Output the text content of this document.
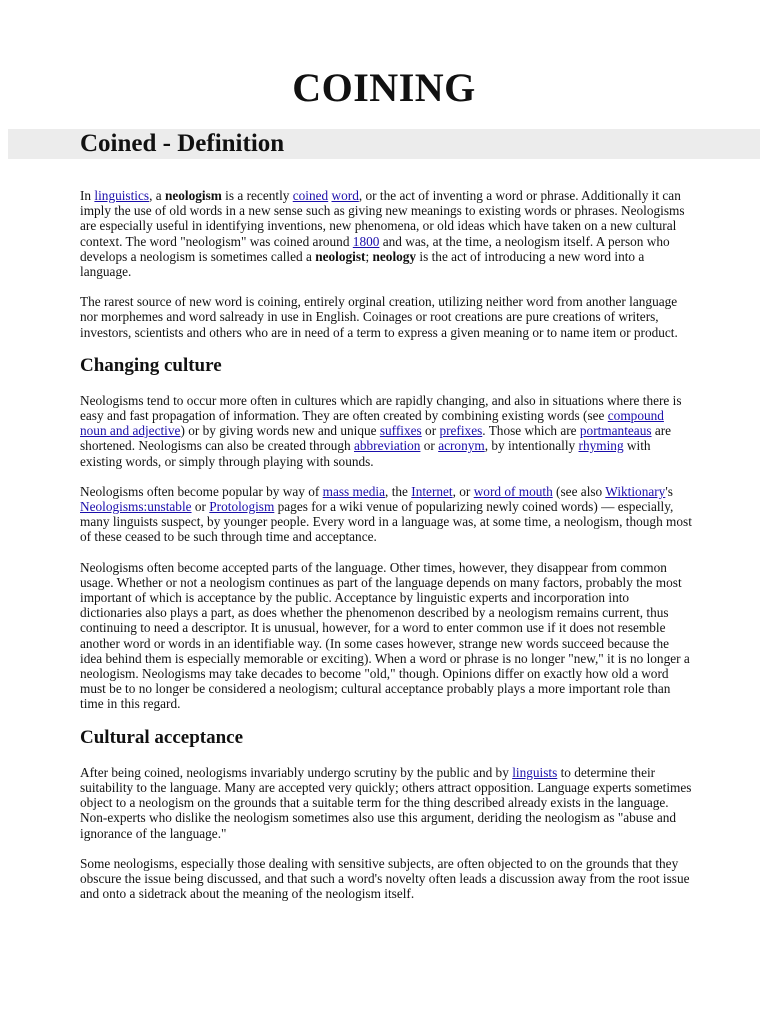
COINING
Coined - Definition

In linguistics, a neologism is a recently coined word, or the act of inventing a word or phrase. Additionally it can imply the use of old words in a new sense such as giving new meanings to existing words or phrases. Neologisms are especially useful in identifying inventions, new phenomena, or old ideas which have taken on a new cultural context. The word "neologism" was coined around 1800 and was, at the time, a neologism itself. A person who develops a neologism is sometimes called a neologist; neology is the act of introducing a new word into a language.

The rarest source of new word is coining, entirely orginal creation, utilizing neither word from another language nor morphemes and word salready in use in English. Coinages or root creations are pure creations of writers, investors, scientists and others who are in need of a term to express a given meaning or to name item or product.

Changing culture

Neologisms tend to occur more often in cultures which are rapidly changing, and also in situations where there is easy and fast propagation of information. They are often created by combining existing words (see compound noun and adjective) or by giving words new and unique suffixes or prefixes. Those which are portmanteaus are shortened. Neologisms can also be created through abbreviation or acronym, by intentionally rhyming with existing words, or simply through playing with sounds.

Neologisms often become popular by way of mass media, the Internet, or word of mouth (see also Wiktionary's Neologisms:unstable or Protologism pages for a wiki venue of popularizing newly coined words) — especially, many linguists suspect, by younger people. Every word in a language was, at some time, a neologism, though most of these ceased to be such through time and acceptance.

Neologisms often become accepted parts of the language. Other times, however, they disappear from common usage. Whether or not a neologism continues as part of the language depends on many factors, probably the most important of which is acceptance by the public. Acceptance by linguistic experts and incorporation into dictionaries also plays a part, as does whether the phenomenon described by a neologism remains current, thus continuing to need a descriptor. It is unusual, however, for a word to enter common use if it does not resemble another word or words in an identifiable way. (In some cases however, strange new words succeed because the idea behind them is especially memorable or exciting). When a word or phrase is no longer "new," it is no longer a neologism. Neologisms may take decades to become "old," though. Opinions differ on exactly how old a word must be to no longer be considered a neologism; cultural acceptance probably plays a more important role than time in this regard.

Cultural acceptance

After being coined, neologisms invariably undergo scrutiny by the public and by linguists to determine their suitability to the language. Many are accepted very quickly; others attract opposition. Language experts sometimes object to a neologism on the grounds that a suitable term for the thing described already exists in the language. Non-experts who dislike the neologism sometimes also use this argument, deriding the neologism as "abuse and ignorance of the language."

Some neologisms, especially those dealing with sensitive subjects, are often objected to on the grounds that they obscure the issue being discussed, and that such a word's novelty often leads a discussion away from the root issue and onto a sidetrack about the meaning of the neologism itself.
